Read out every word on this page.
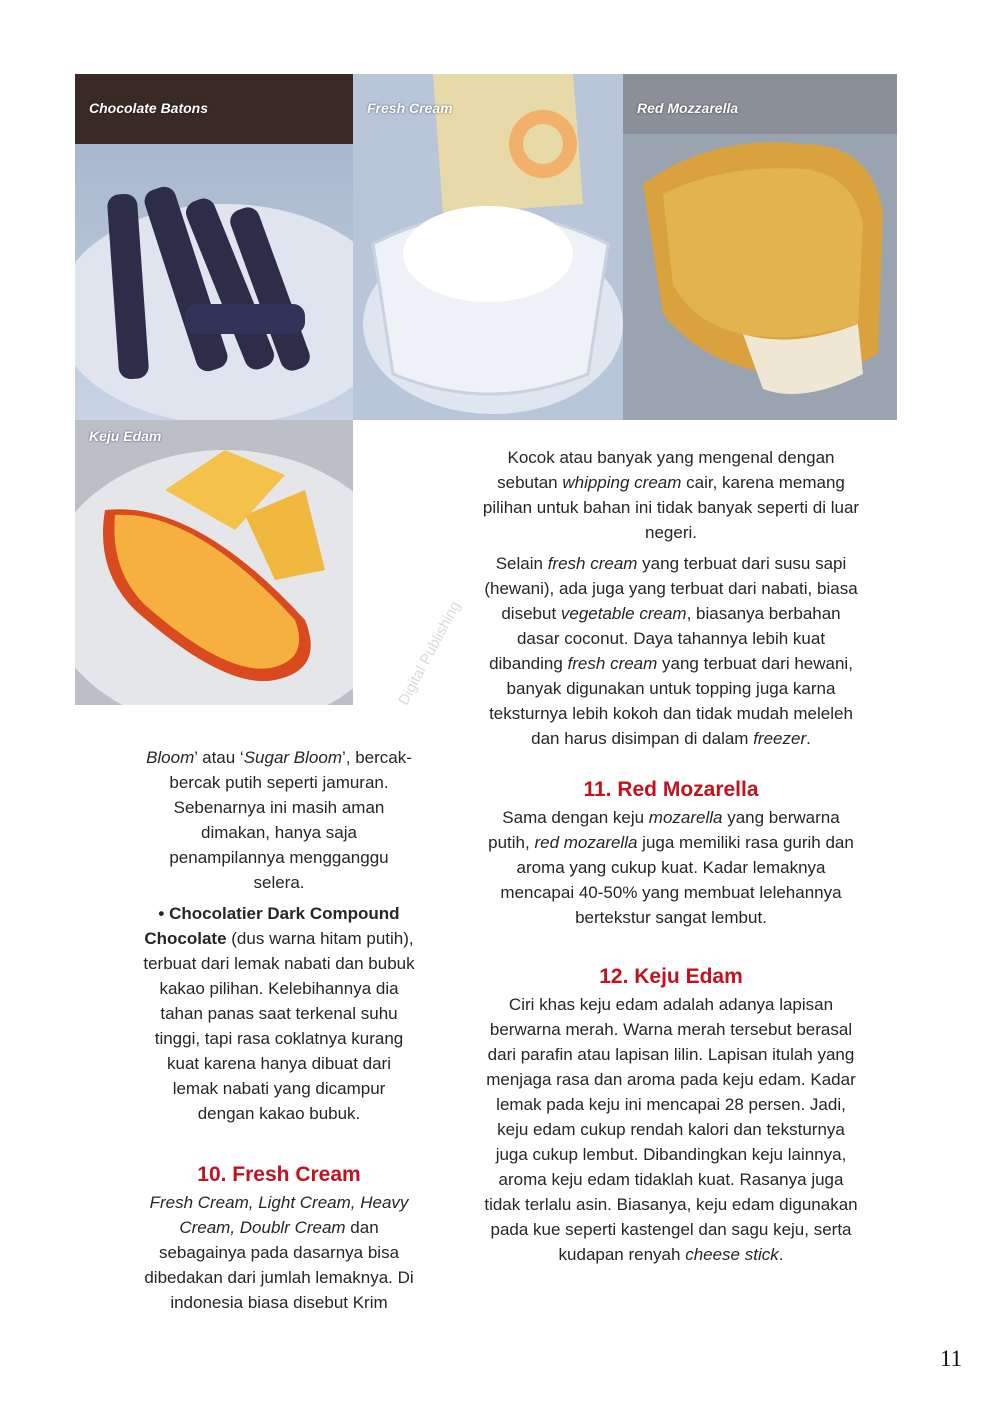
Chocolate Batons	Fresh Cream	Red Mozzarella
Keju Edam
Digital Publishing

Bloom’ atau ‘Sugar Bloom’, bercak-bercak putih seperti jamuran. Sebenarnya ini masih aman dimakan, hanya saja penampilannya mengganggu selera.

• Chocolatier Dark Compound Chocolate (dus warna hitam putih), terbuat dari lemak nabati dan bubuk kakao pilihan. Kelebihannya dia tahan panas saat terkenal suhu tinggi, tapi rasa coklatnya kurang kuat karena hanya dibuat dari lemak nabati yang dicampur dengan kakao bubuk.

10. Fresh Cream

Fresh Cream, Light Cream, Heavy Cream, Doublr Cream dan sebagainya pada dasarnya bisa dibedakan dari jumlah lemaknya. Di indonesia biasa disebut Krim

Kocok atau banyak yang mengenal dengan sebutan whipping cream cair, karena memang pilihan untuk bahan ini tidak banyak seperti di luar negeri.

Selain fresh cream yang terbuat dari susu sapi (hewani), ada juga yang terbuat dari nabati, biasa disebut vegetable cream, biasanya berbahan dasar coconut. Daya tahannya lebih kuat dibanding fresh cream yang terbuat dari hewani, banyak digunakan untuk topping juga karna teksturnya lebih kokoh dan tidak mudah meleleh dan harus disimpan di dalam freezer.

11. Red Mozarella

Sama dengan keju mozarella yang berwarna putih, red mozarella juga memiliki rasa gurih dan aroma yang cukup kuat. Kadar lemaknya mencapai 40-50% yang membuat lelehannya bertekstur sangat lembut.

12. Keju Edam

Ciri khas keju edam adalah adanya lapisan berwarna merah. Warna merah tersebut berasal dari parafin atau lapisan lilin. Lapisan itulah yang menjaga rasa dan aroma pada keju edam. Kadar lemak pada keju ini mencapai 28 persen. Jadi, keju edam cukup rendah kalori dan teksturnya juga cukup lembut. Dibandingkan keju lainnya, aroma keju edam tidaklah kuat. Rasanya juga tidak terlalu asin. Biasanya, keju edam digunakan pada kue seperti kastengel dan sagu keju, serta kudapan renyah cheese stick.

11
